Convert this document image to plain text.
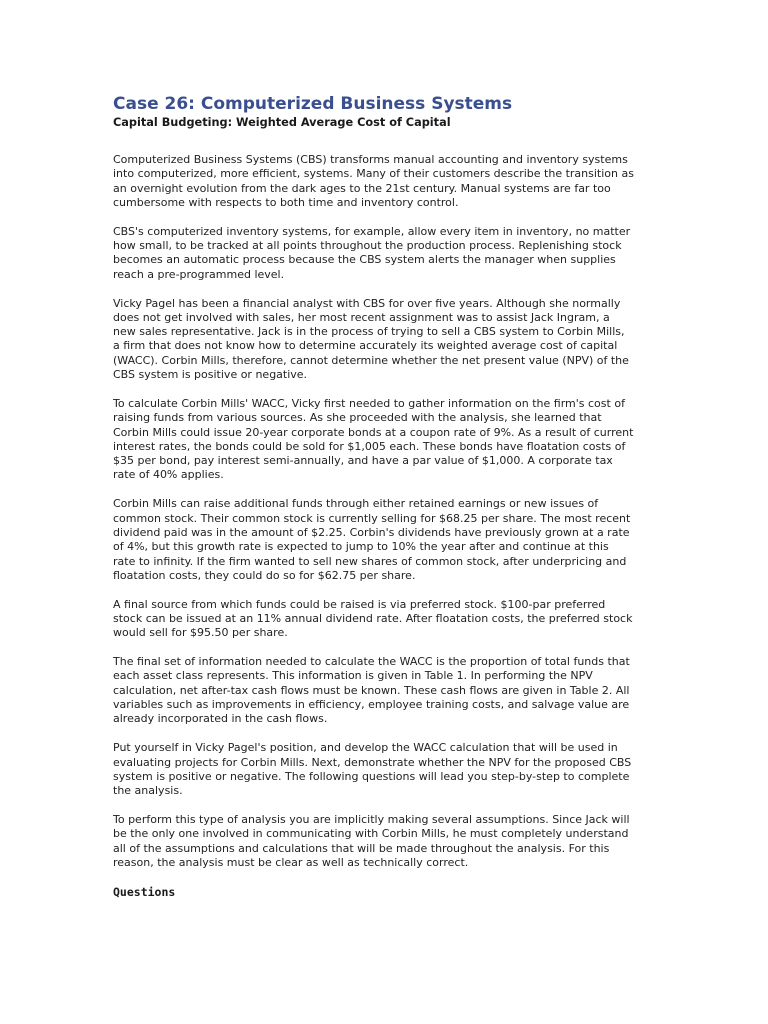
Case 26: Computerized Business Systems
Capital Budgeting: Weighted Average Cost of Capital

Computerized Business Systems (CBS) transforms manual accounting and inventory systems
into computerized, more efficient, systems. Many of their customers describe the transition as
an overnight evolution from the dark ages to the 21st century. Manual systems are far too
cumbersome with respects to both time and inventory control.

CBS's computerized inventory systems, for example, allow every item in inventory, no matter
how small, to be tracked at all points throughout the production process. Replenishing stock
becomes an automatic process because the CBS system alerts the manager when supplies
reach a pre-programmed level.

Vicky Pagel has been a financial analyst with CBS for over five years. Although she normally
does not get involved with sales, her most recent assignment was to assist Jack Ingram, a
new sales representative. Jack is in the process of trying to sell a CBS system to Corbin Mills,
a firm that does not know how to determine accurately its weighted average cost of capital
(WACC). Corbin Mills, therefore, cannot determine whether the net present value (NPV) of the
CBS system is positive or negative.

To calculate Corbin Mills' WACC, Vicky first needed to gather information on the firm's cost of
raising funds from various sources. As she proceeded with the analysis, she learned that
Corbin Mills could issue 20-year corporate bonds at a coupon rate of 9%. As a result of current
interest rates, the bonds could be sold for $1,005 each. These bonds have floatation costs of
$35 per bond, pay interest semi-annually, and have a par value of $1,000. A corporate tax
rate of 40% applies.

Corbin Mills can raise additional funds through either retained earnings or new issues of
common stock. Their common stock is currently selling for $68.25 per share. The most recent
dividend paid was in the amount of $2.25. Corbin's dividends have previously grown at a rate
of 4%, but this growth rate is expected to jump to 10% the year after and continue at this
rate to infinity. If the firm wanted to sell new shares of common stock, after underpricing and
floatation costs, they could do so for $62.75 per share.

A final source from which funds could be raised is via preferred stock. $100-par preferred
stock can be issued at an 11% annual dividend rate. After floatation costs, the preferred stock
would sell for $95.50 per share.

The final set of information needed to calculate the WACC is the proportion of total funds that
each asset class represents. This information is given in Table 1. In performing the NPV
calculation, net after-tax cash flows must be known. These cash flows are given in Table 2. All
variables such as improvements in efficiency, employee training costs, and salvage value are
already incorporated in the cash flows.

Put yourself in Vicky Pagel's position, and develop the WACC calculation that will be used in
evaluating projects for Corbin Mills. Next, demonstrate whether the NPV for the proposed CBS
system is positive or negative. The following questions will lead you step-by-step to complete
the analysis.

To perform this type of analysis you are implicitly making several assumptions. Since Jack will
be the only one involved in communicating with Corbin Mills, he must completely understand
all of the assumptions and calculations that will be made throughout the analysis. For this
reason, the analysis must be clear as well as technically correct.

Questions
